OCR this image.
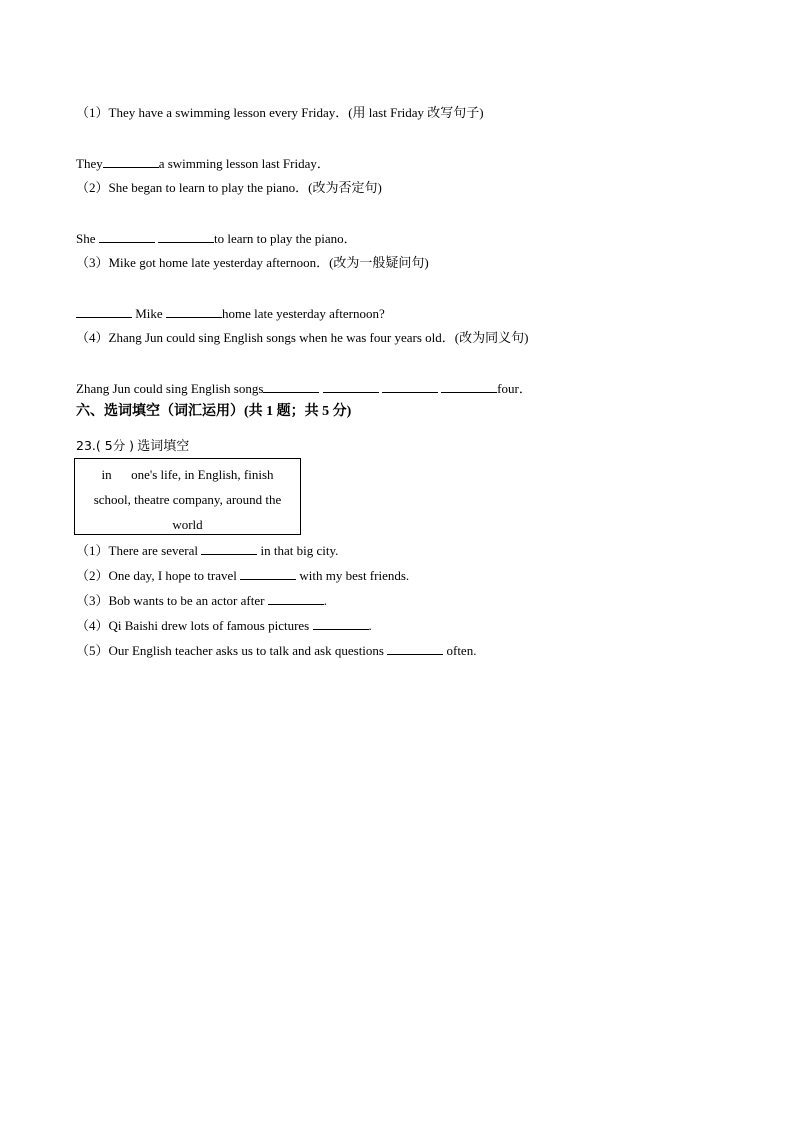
（1）They have a swimming lesson every Friday．(用 last Friday 改写句子)
They	a swimming lesson last Friday．
（2）She began to learn to play the piano．(改为否定句)
She	to learn to play the piano．
（3）Mike got home late yesterday afternoon．(改为一般疑问句)
Mike	home late yesterday afternoon?
（4）Zhang Jun could sing English songs when he was four years old．(改为同义句)
Zhang Jun could sing English songs	four．
六、选词填空（词汇运用）(共 1 题；共 5 分)
23.( 5分 ) 选词填空
in      one's life, in English, finish
school, theatre company, around the
world
（1）There are several	in that big city.
（2）One day, I hope to travel	with my best friends.
（3）Bob wants to be an actor after	.
（4）Qi Baishi drew lots of famous pictures	.
（5）Our English teacher asks us to talk and ask questions	often.
